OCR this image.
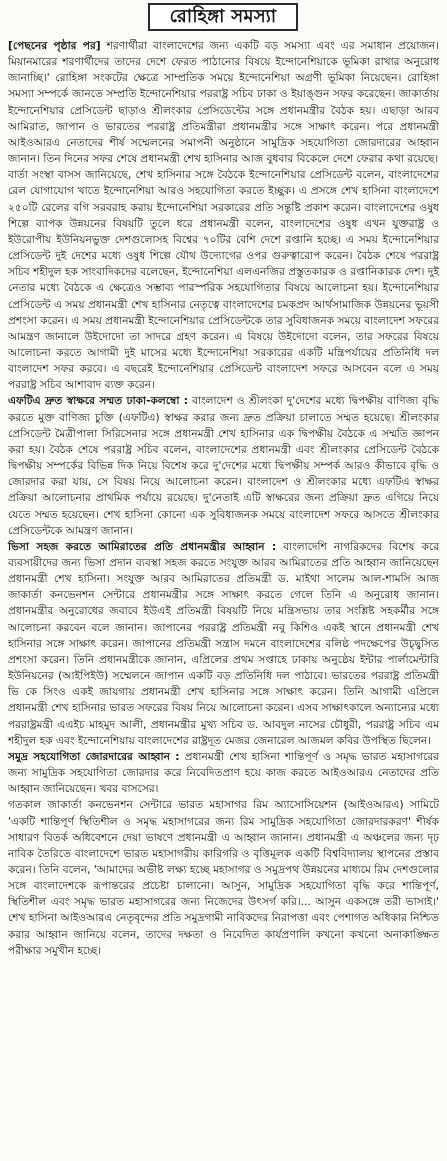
রোহিঙ্গা সমস্যা

[পেছনের পৃষ্ঠার পর] শরণার্থীরা বাংলাদেশের জন্য একটি বড় সমস্যা এবং এর সমাধান প্রয়োজন। মিয়ানমারের শরণার্থীদের তাদের দেশে ফেরত পাঠানোর বিষয়ে ইন্দোনেশিয়াকে ভূমিকা রাখার অনুরোধ জানাচ্ছি।' রোহিঙ্গা সংকটের ক্ষেত্রে সাম্প্রতিক সময়ে ইন্দোনেশিয়া অগ্রণী ভূমিকা নিয়েছেন। রোহিঙ্গা সমস্যা সম্পর্কে জানতে সম্প্রতি ইন্দোনেশিয়ার পররাষ্ট্র সচিব ঢাকা ও ইয়াঙ্গুন সফর করেছেন। জাকার্তায় ইন্দোনেশিয়ার প্রেসিডেন্ট ছাড়াও শ্রীলংকার প্রেসিডেন্টের সঙ্গে প্রধানমন্ত্রীর বৈঠক হয়। এছাড়া আরব আমিরাত, জাপান ও ভারতের পররাষ্ট্র প্রতিমন্ত্রীরা প্রধানমন্ত্রীর সঙ্গে সাক্ষাৎ করেন। পরে প্রধানমন্ত্রী আইওআরএ নেতাদের শীর্ষ সম্মেলনের সমাপনী অনুষ্ঠানে সামুদ্রিক সহযোগিতা জোরদারের আহ্বান জানান। তিন দিনের সফর শেষে প্রধানমন্ত্রী শেখ হাসিনার আজ বুধবার বিকেলে দেশে ফেরার কথা রয়েছে।

বার্তা সংস্থা বাসস জানিয়েছে, শেখ হাসিনার সঙ্গে বৈঠকে ইন্দোনেশিয়ার প্রেসিডেন্ট বলেন, বাংলাদেশের রেল যোগাযোগ খাতে ইন্দোনেশিয়া আরও সহযোগিতা করতে ইচ্ছুক। এ প্রসঙ্গে শেখ হাসিনা বাংলাদেশে ২৫০টি রেলের বগি সরবরাহ করায় ইন্দোনেশিয়া সরকারের প্রতি সন্তুষ্টি প্রকাশ করেন। বাংলাদেশের ওষুধ শিল্পে ব্যাপক উন্নয়নের বিষয়টি তুলে ধরে প্রধানমন্ত্রী বলেন, বাংলাদেশের ওষুধ এখন যুক্তরাষ্ট্র ও ইউরোপীয় ইউনিয়নভুক্ত দেশগুলোসহ বিশ্বের ৭০টির বেশি দেশে রপ্তানি হচ্ছে। এ সময় ইন্দোনেশিয়ার প্রেসিডেন্ট দুই দেশের মধ্যে ওষুধ শিল্পে যৌথ উদ্যোগের ওপর গুরুত্বারোপ করেন। বৈঠক শেষে পররাষ্ট্র সচিব শহীদুল হক সাংবাদিকদের বলেছেন, ইন্দোনেশিয়া এলএনজির প্রস্তুতকারক ও রপ্তানিকারক দেশ। দুই নেতার মধ্যে বৈঠকে এ ক্ষেত্রেও সম্ভাব্য পারস্পরিক সহযোগিতার বিষয়ে আলোচনা হয়। ইন্দোনেশিয়ার প্রেসিডেন্ট এ সময় প্রধানমন্ত্রী শেখ হাসিনার নেতৃত্বে বাংলাদেশের চমকপ্রদ আর্থসামাজিক উন্নয়নের ভূয়সী প্রশংসা করেন। এ সময় প্রধানমন্ত্রী ইন্দোনেশিয়ার প্রেসিডেন্টকে তার সুবিধাজনক সময়ে বাংলাদেশ সফরের আমন্ত্রণ জানালে উইদোদো তা সাদরে গ্রহণ করেন। এ বিষয়ে উইদোদো বলেন, তার সফরের বিষয়ে আলোচনা করতে আগামী দুই মাসের মধ্যে ইন্দোনেশিয়া সরকারের একটি মন্ত্রিপর্যায়ের প্রতিনিধি দল বাংলাদেশ সফর করবে। এ বছরেই ইন্দোনেশিয়ার প্রেসিডেন্ট বাংলাদেশ সফরে আসবেন বলে এ সময় পররাষ্ট্র সচিব আশাবাদ ব্যক্ত করেন।

এফটিএ দ্রুত স্বাক্ষরে সম্মত ঢাকা-কলম্বো : বাংলাদেশ ও শ্রীলংকা দু'দেশের মধ্যে দ্বিপক্ষীয় বাণিজ্য বৃদ্ধি করতে মুক্ত বাণিজ্য চুক্তি (এফটিএ) স্বাক্ষর করার জন্য দ্রুত প্রক্রিয়া চালাতে সম্মত হয়েছে। শ্রীলংকার প্রেসিডেন্ট মৈত্রীপালা সিরিসেনার সঙ্গে প্রধানমন্ত্রী শেখ হাসিনার এক দ্বিপক্ষীয় বৈঠকে এ সম্মতি জ্ঞাপন করা হয়। বৈঠক শেষে পররাষ্ট্র সচিব বলেন, বাংলাদেশের প্রধানমন্ত্রী এবং শ্রীলংকার প্রেসিডেন্ট বৈঠকে দ্বিপক্ষীয় সম্পর্কের বিভিন্ন দিক নিয়ে বিশেষ করে দু'দেশের মধ্যে দ্বিপক্ষীয় সম্পর্ক আরও কীভাবে বৃদ্ধি ও জোরদার করা যায়, সে বিষয় নিয়ে আলোচনা করেন। বাংলাদেশ ও শ্রীলংকার মধ্যে এফটিএ স্বাক্ষর প্রক্রিয়া আলোচনার প্রাথমিক পর্যায়ে রয়েছে। দু'নেতাই এটি স্বাক্ষরের জন্য প্রক্রিয়া দ্রুত এগিয়ে নিয়ে যেতে সম্মত হয়েছেন। শেখ হাসিনা কোনো এক সুবিধাজনক সময়ে বাংলাদেশ সফরে আসতে শ্রীলংকার প্রেসিডেন্টকে আমন্ত্রণ জানান।

ভিসা সহজ করতে আমিরাতের প্রতি প্রধানমন্ত্রীর আহ্বান : বাংলাদেশি নাগরিকদের বিশেষ করে ব্যবসায়ীদের জন্য ভিসা প্রদান ব্যবস্থা সহজ করতে সংযুক্ত আরব আমিরাতের প্রতি আহ্বান জানিয়েছেন প্রধানমন্ত্রী শেখ হাসিনা। সংযুক্ত আরব আমিরাতের প্রতিমন্ত্রী ড. মাইথা সালেম আল-শামসি আজ জাকার্তা কনভেনশন সেন্টারে প্রধানমন্ত্রীর সঙ্গে সাক্ষাৎ করতে গেলে তিনি এ অনুরোধ জানান। প্রধানমন্ত্রীর অনুরোধের জবাবে ইউএই প্রতিমন্ত্রী বিষয়টি নিয়ে মন্ত্রিসভায় তার সংশ্লিষ্ট সহকর্মীর সঙ্গে আলোচনা করবেন বলে জানান। জাপানের পররাষ্ট্র প্রতিমন্ত্রী নবু কিশিও একই স্থানে প্রধানমন্ত্রী শেখ হাসিনার সঙ্গে সাক্ষাৎ করেন। জাপানের প্রতিমন্ত্রী সন্ত্রাস দমনে বাংলাদেশের বলিষ্ঠ পদক্ষেপের উচ্ছ্বসিত প্রশংসা করেন। তিনি প্রধানমন্ত্রীকে জানান, এপ্রিলের প্রথম সপ্তাহে ঢাকায় অনুষ্ঠেয় ইন্টার পার্লামেন্টারি ইউনিয়নের (আইপিইউ) সম্মেলনে জাপান একটি বড় প্রতিনিধি দল পাঠাবে। ভারতের পররাষ্ট্র প্রতিমন্ত্রী ভি কে সিংও একই জায়গায় প্রধানমন্ত্রী শেখ হাসিনার সঙ্গে সাক্ষাৎ করেন। তিনি আগামী এপ্রিলে প্রধানমন্ত্রী শেখ হাসিনার ভারত সফরের বিষয় নিয়ে আলোচনা করেন। এসব সাক্ষাৎকালে অন্যান্যের মধ্যে পররাষ্ট্রমন্ত্রী এএইচ মাহমুদ আলী, প্রধানমন্ত্রীর মুখ্য সচিব ড. আবদুল নাসের চৌধুরী, পররাষ্ট্র সচিব এম শহীদুল হক এবং ইন্দোনেশিয়ায় বাংলাদেশের রাষ্ট্রদূত মেজর জেনারেল আজমল কবির উপস্থিত ছিলেন।

সমুদ্র সহযোগিতা জোরদারের আহ্বান : প্রধানমন্ত্রী শেখ হাসিনা শান্তিপূর্ণ ও সমৃদ্ধ ভারত মহাসাগরের জন্য সামুদ্রিক সহযোগিতা জোরদার করে নিবেদিতপ্রাণ হয়ে কাজ করতে আইওআরএ নেতাদের প্রতি আহ্বান জানিয়েছেন। খবর বাসসের।

গতকাল জাকার্তা কনভেনশন সেন্টারে ভারত মহাসাগর রিম অ্যাসোসিয়েশন (আইওআরএ) সামিটে 'একটি শান্তিপূর্ণ স্থিতিশীল ও সমৃদ্ধ মহাসাগরের জন্য রিম সামুদ্রিক সহযোগিতা জোরদারকরণ' শীর্ষক সাধারণ বিতর্ক অধিবেশনে দেয়া ভাষণে প্রধানমন্ত্রী এ আহ্বান জানান। প্রধানমন্ত্রী এ অঞ্চলের জন্য দৃঢ় নাবিক তৈরিতে বাংলাদেশে ভারত মহাসাগরীয় কারিগরি ও বৃত্তিমূলক একটি বিশ্ববিদ্যালয় স্থাপনের প্রস্তাব করেন। তিনি বলেন, 'আমাদের অভীষ্ট লক্ষ্য হচ্ছে মহাসাগর ও সমুদ্রপথ উন্নয়নের মাধ্যমে রিম দেশগুলোর সঙ্গে বাংলাদেশকে রূপান্তরের প্রচেষ্টা চালানো। আসুন, সামুদ্রিক সহযোগিতা বৃদ্ধি করে শান্তিপূর্ণ, স্থিতিশীল এবং সমৃদ্ধ ভারত মহাসাগরের জন্য নিজেদের উৎসর্গ করি।... আসুন একসঙ্গে তরী ভাসাই।' শেখ হাসিনা আইওআরএ নেতৃবৃন্দের প্রতি সমুদ্রগামী নাবিকদের নিরাপত্তা এবং পেশাগত অধিকার নিশ্চিত করার আহ্বান জানিয়ে বলেন, তাদের দক্ষতা ও নিবেদিত কার্যপ্রণালি কখনো কখনো অনাকাঙ্ক্ষিত পরীক্ষার সমুখীন হচ্ছে।
